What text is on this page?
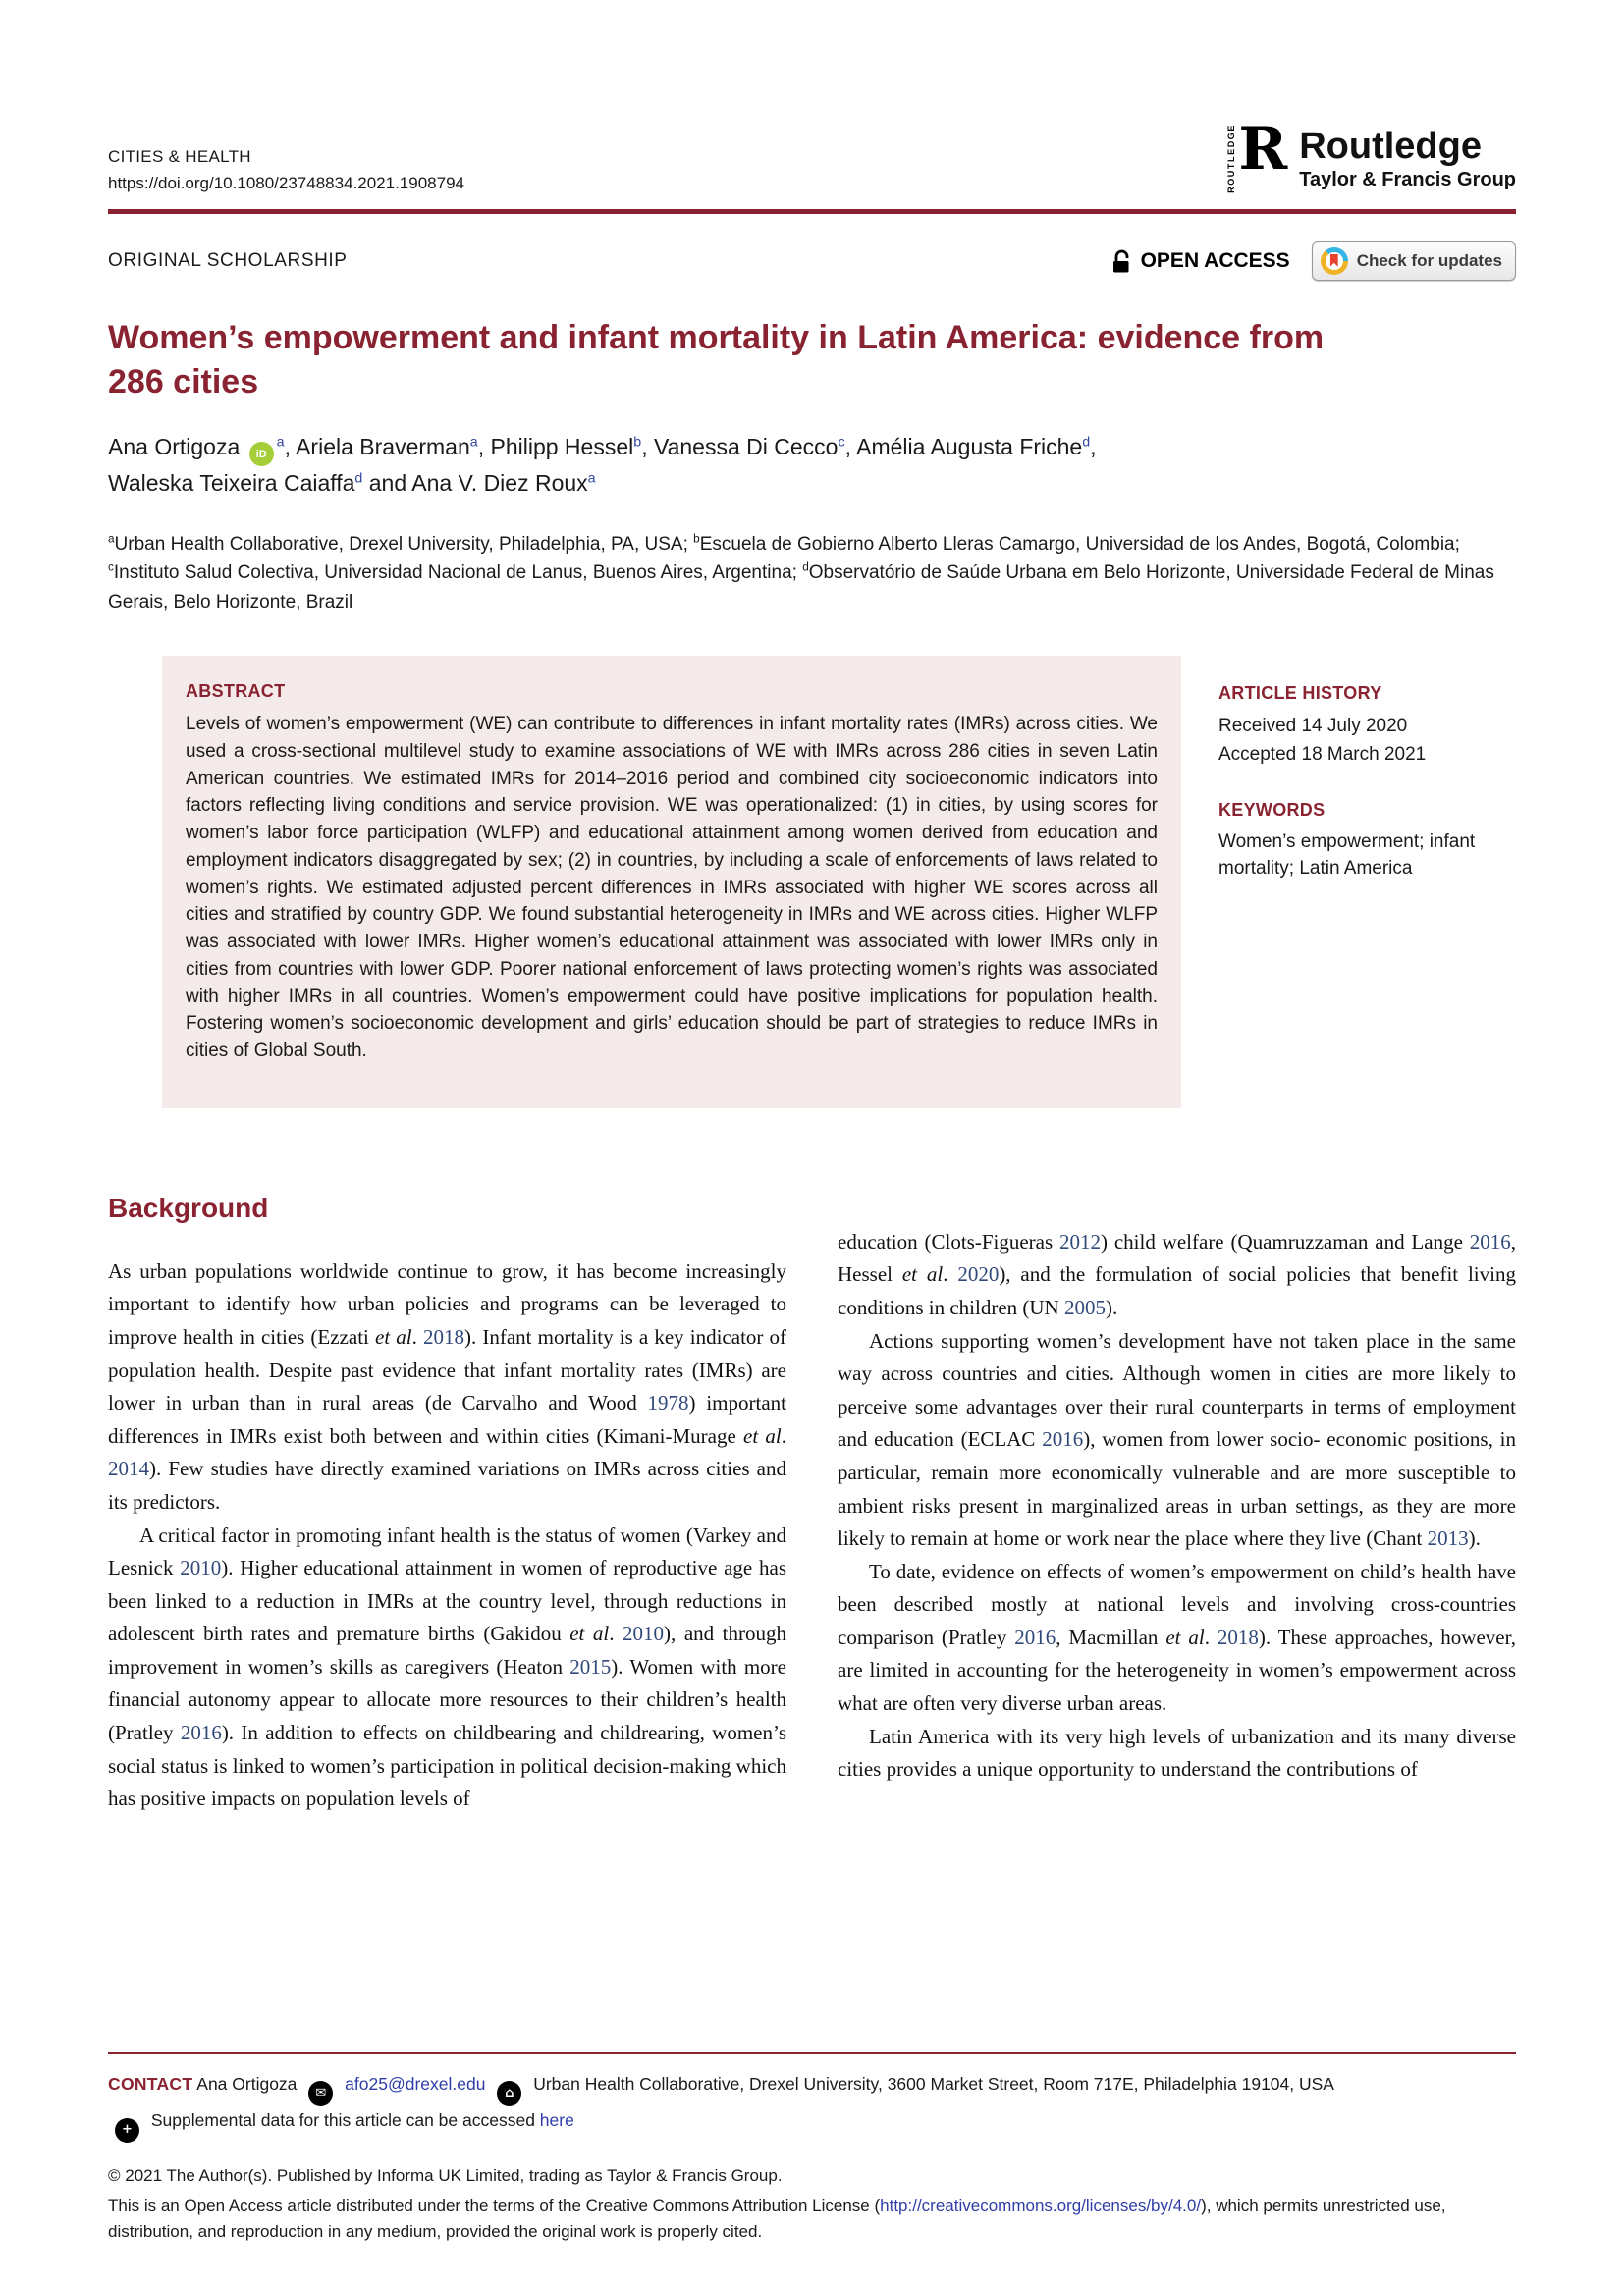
CITIES & HEALTH
https://doi.org/10.1080/23748834.2021.1908794	ROUTLEDGE R Routledge
Taylor & Francis Group
ORIGINAL SCHOLARSHIP	OPEN ACCESS	Check for updates
Women’s empowerment and infant mortality in Latin America: evidence from 286 cities
Ana Ortigoza $iD^a$, Ariela Braverman$^a$, Philipp Hessel$^b$, Vanessa Di Cecco$^c$, Amélia Augusta Friche$^d$,
Waleska Teixeira Caiaffa$^d$ and Ana V. Diez Roux$^a$
$^a$Urban Health Collaborative, Drexel University, Philadelphia, PA, USA; $^b$Escuela de Gobierno Alberto Lleras Camargo, Universidad de los Andes, Bogotá, Colombia; $^c$Instituto Salud Colectiva, Universidad Nacional de Lanus, Buenos Aires, Argentina; $^d$Observatório de Saúde Urbana em Belo Horizonte, Universidade Federal de Minas Gerais, Belo Horizonte, Brazil
ABSTRACT

Levels of women’s empowerment (WE) can contribute to differences in infant mortality rates (IMRs) across cities. We used a cross-sectional multilevel study to examine associations of WE with IMRs across 286 cities in seven Latin American countries. We estimated IMRs for 2014–2016 period and combined city socioeconomic indicators into factors reflecting living conditions and service provision. WE was operationalized: (1) in cities, by using scores for women’s labor force participation (WLFP) and educational attainment among women derived from education and employment indicators disaggregated by sex; (2) in countries, by including a scale of enforcements of laws related to women’s rights. We estimated adjusted percent differences in IMRs associated with higher WE scores across all cities and stratified by country GDP. We found substantial heterogeneity in IMRs and WE across cities. Higher WLFP was associated with lower IMRs. Higher women’s educational attainment was associated with lower IMRs only in cities from countries with lower GDP. Poorer national enforcement of laws protecting women’s rights was associated with higher IMRs in all countries. Women’s empowerment could have positive implications for population health. Fostering women’s socioeconomic development and girls’ education should be part of strategies to reduce IMRs in cities of Global South.

ARTICLE HISTORY
Received 14 July 2020
Accepted 18 March 2021
KEYWORDS
Women’s empowerment; infant mortality; Latin America
Background

As urban populations worldwide continue to grow, it has become increasingly important to identify how urban policies and programs can be leveraged to improve health in cities (Ezzati et al. 2018). Infant mortality is a key indicator of population health. Despite past evidence that infant mortality rates (IMRs) are lower in urban than in rural areas (de Carvalho and Wood 1978) important differences in IMRs exist both between and within cities (Kimani-Murage et al. 2014). Few studies have directly examined variations on IMRs across cities and its predictors.

A critical factor in promoting infant health is the status of women (Varkey and Lesnick 2010). Higher educational attainment in women of reproductive age has been linked to a reduction in IMRs at the country level, through reductions in adolescent birth rates and premature births (Gakidou et al. 2010), and through improvement in women’s skills as caregivers (Heaton 2015). Women with more financial autonomy appear to allocate more resources to their children’s health (Pratley 2016). In addition to effects on childbearing and childrearing, women’s social status is linked to women’s participation in political decision-making which has positive impacts on population levels of

education (Clots-Figueras 2012) child welfare (Quamruzzaman and Lange 2016, Hessel et al. 2020), and the formulation of social policies that benefit living conditions in children (UN 2005).

Actions supporting women’s development have not taken place in the same way across countries and cities. Although women in cities are more likely to perceive some advantages over their rural counterparts in terms of employment and education (ECLAC 2016), women from lower socio- economic positions, in particular, remain more economically vulnerable and are more susceptible to ambient risks present in marginalized areas in urban settings, as they are more likely to remain at home or work near the place where they live (Chant 2013).

To date, evidence on effects of women’s empowerment on child’s health have been described mostly at national levels and involving cross-countries comparison (Pratley 2016, Macmillan et al. 2018). These approaches, however, are limited in accounting for the heterogeneity in women’s empowerment across what are often very diverse urban areas.

Latin America with its very high levels of urbanization and its many diverse cities provides a unique opportunity to understand the contributions of

CONTACT Ana Ortigoza ✉ afo25@drexel.edu ⌂ Urban Health Collaborative, Drexel University, 3600 Market Street, Room 717E, Philadelphia 19104, USA
+ Supplemental data for this article can be accessed here
© 2021 The Author(s). Published by Informa UK Limited, trading as Taylor & Francis Group.
This is an Open Access article distributed under the terms of the Creative Commons Attribution License (http://creativecommons.org/licenses/by/4.0/), which permits unrestricted use, distribution, and reproduction in any medium, provided the original work is properly cited.
